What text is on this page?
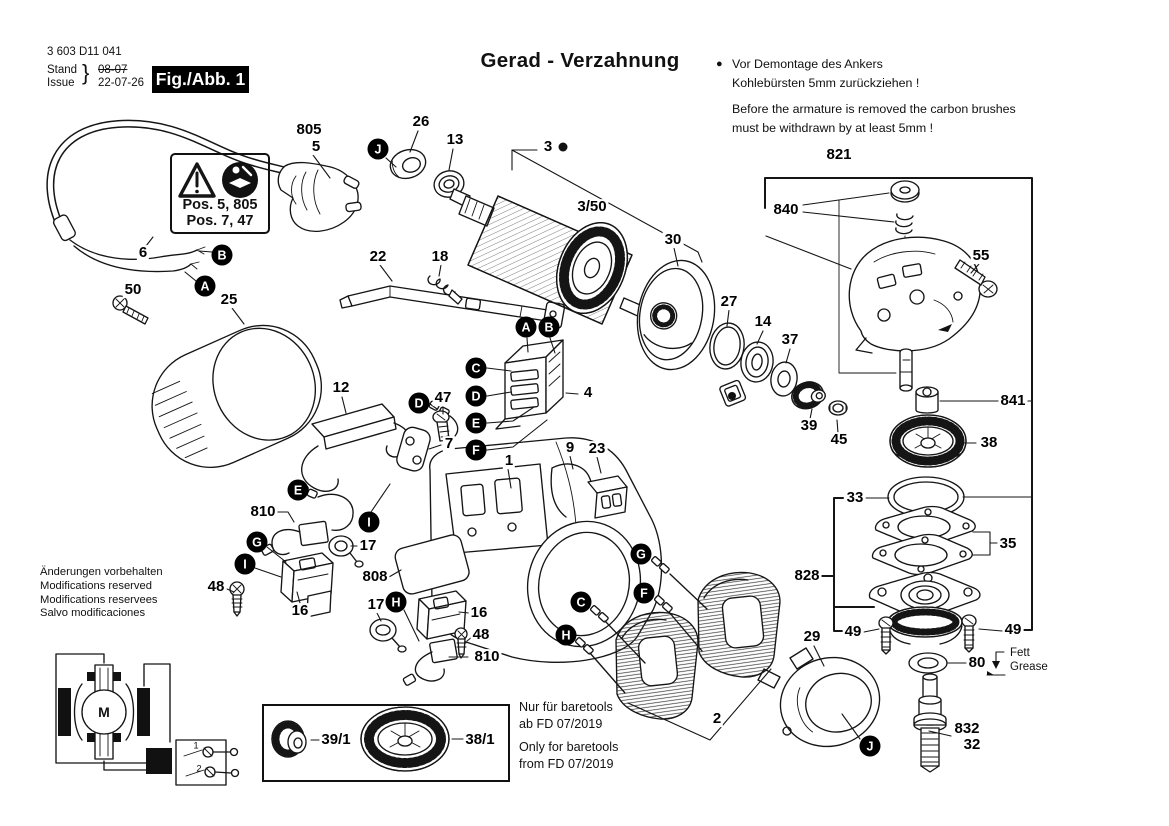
3 603 D11 041
Stand
Issue } 08-07
22-07-26 Fig./Abb. 1
Gerad - Verzahnung	● Vor Demontage des Ankers
Kohlebürsten 5mm zurückziehen !
Before the armature is removed the carbon brushes
must be withdrawn by at least 5mm !
Pos. 5, 805
Pos. 7, 47
Änderungen vorbehalten
Modifications reserved
Modifications reservees
Salvo modificaciones
Nur für baretools
ab FD 07/2019
Only for baretools
from FD 07/2019
Fett
Grease
M
1
2
805
5
26
13	3
3/50
22	18
30
821
840
55
27
14
37
39
45
841
38
33
35
828
49	49
80
29
832
32
6
50
25
12
47
7
4
1
9 23
810
17
48
16
808
17	16
48
810
2
39/1	38/1
J
B
A
A	B
C
D
E
F
D
E
I
G
I
H
G
F
C
H
J
